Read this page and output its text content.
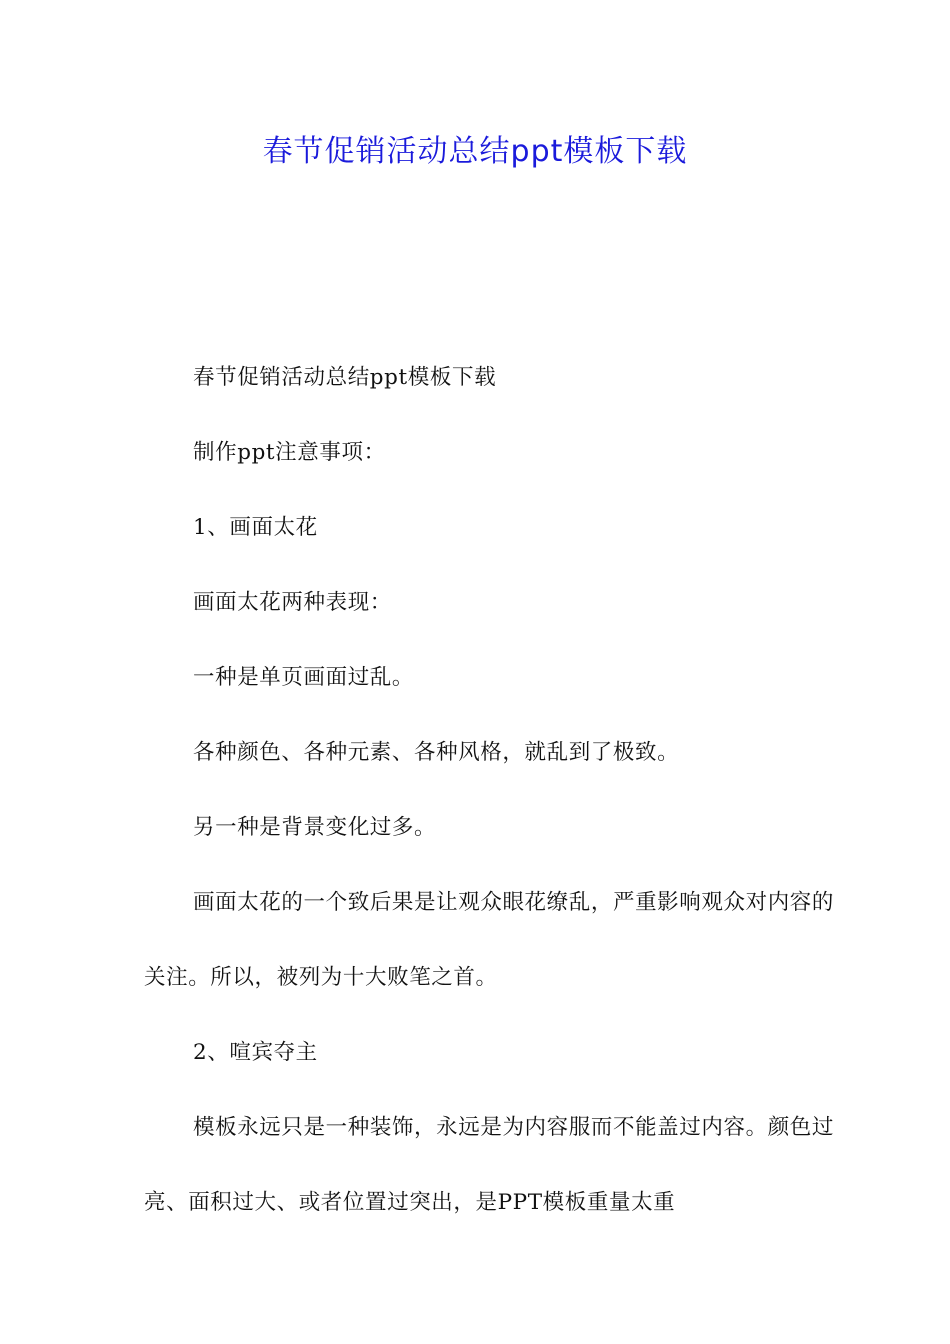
春节促销活动总结ppt模板下载

春节促销活动总结ppt模板下载

制作ppt注意事项：

1、画面太花

画面太花两种表现：

一种是单页画面过乱。

各种颜色、各种元素、各种风格，就乱到了极致。

另一种是背景变化过多。

画面太花的一个致后果是让观众眼花缭乱，严重影响观众对内容的关注。所以，被列为十大败笔之首。

2、喧宾夺主

模板永远只是一种装饰，永远是为内容服而不能盖过内容。颜色过亮、面积过大、或者位置过突出，是PPT模板重量太重
